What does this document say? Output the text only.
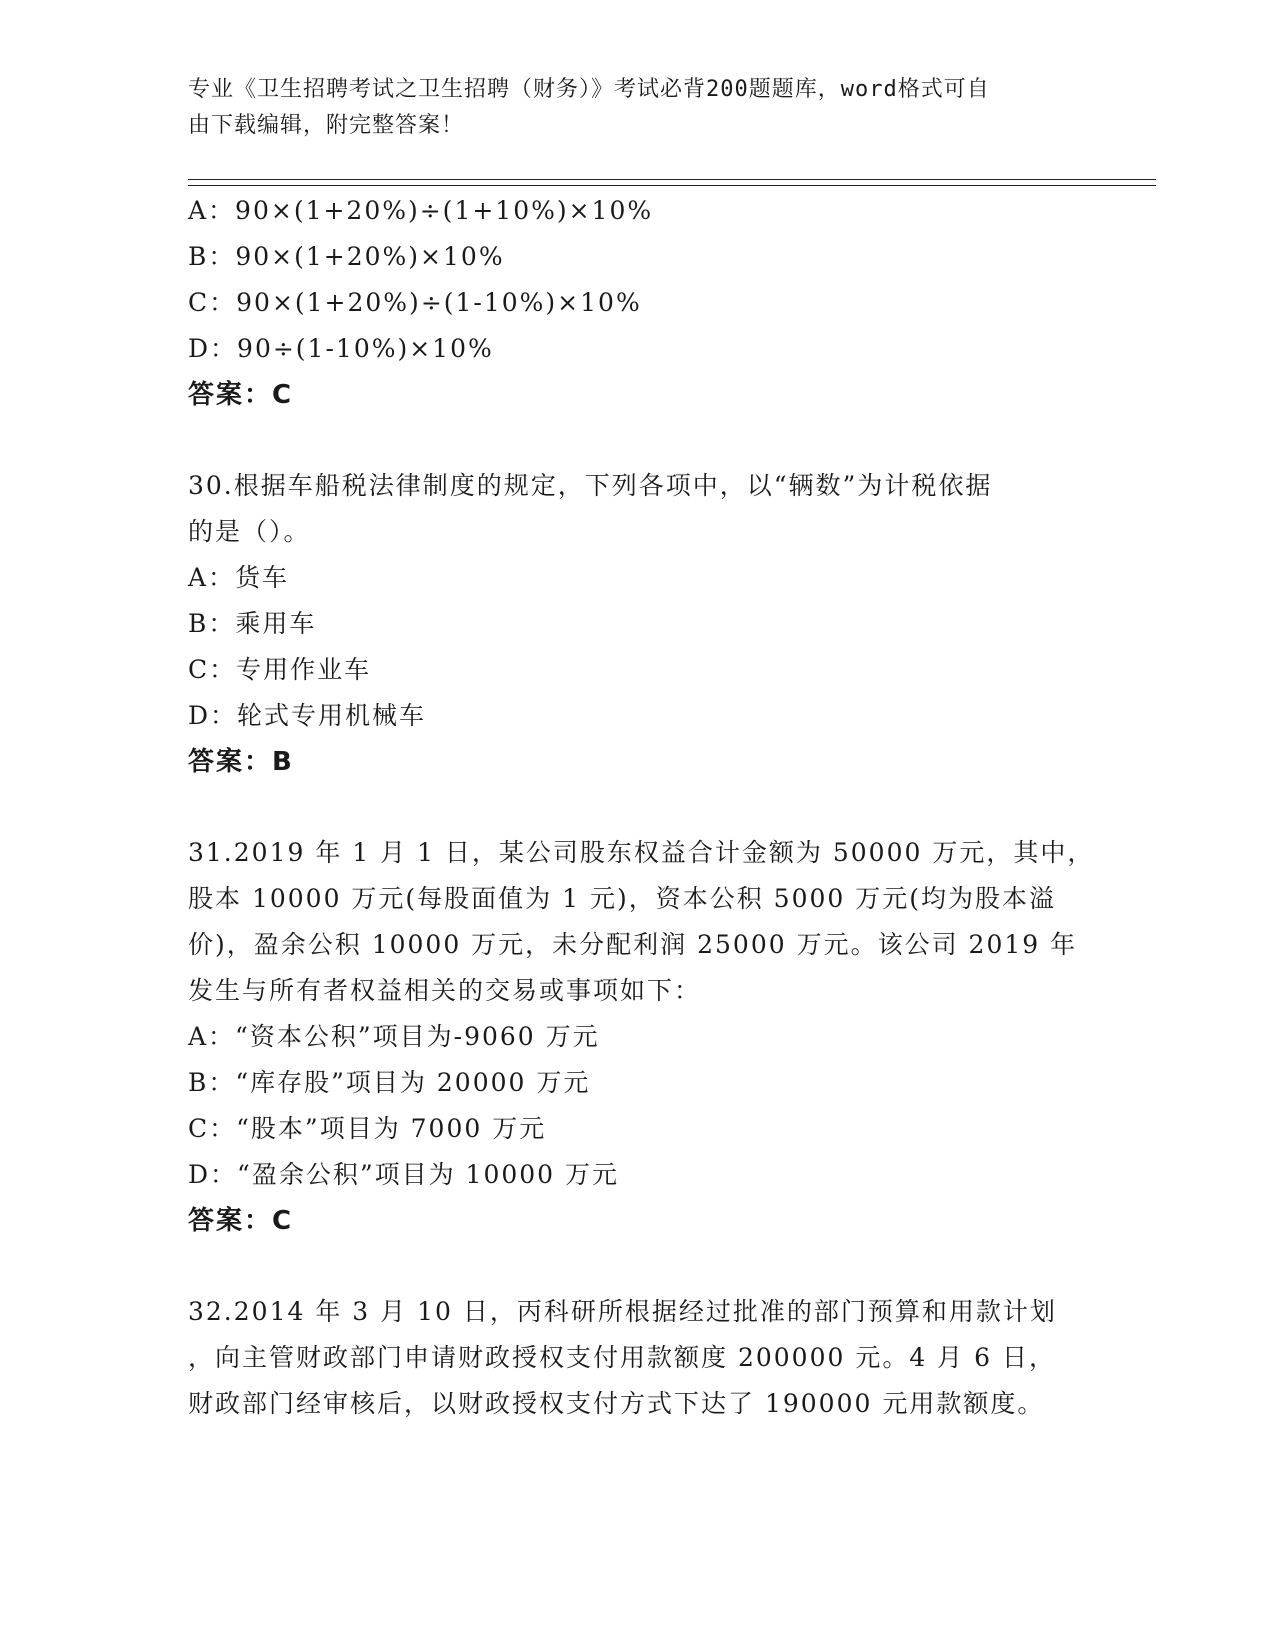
专业《卫生招聘考试之卫生招聘（财务）》考试必背200题题库，word格式可自
由下载编辑，附完整答案！
A：90×(1+20%)÷(1+10%)×10%
B：90×(1+20%)×10%
C：90×(1+20%)÷(1-10%)×10%
D：90÷(1-10%)×10%
答案：C
30.根据车船税法律制度的规定，下列各项中，以“辆数”为计税依据
的是（）。
A：货车
B：乘用车
C：专用作业车
D：轮式专用机械车
答案：B
31.2019 年 1 月 1 日，某公司股东权益合计金额为 50000 万元，其中，
股本 10000 万元(每股面值为 1 元)，资本公积 5000 万元(均为股本溢
价)，盈余公积 10000 万元，未分配利润 25000 万元。该公司 2019 年
发生与所有者权益相关的交易或事项如下：
A：“资本公积”项目为-9060 万元
B：“库存股”项目为 20000 万元
C：“股本”项目为 7000 万元
D：“盈余公积”项目为 10000 万元
答案：C
32.2014 年 3 月 10 日，丙科研所根据经过批准的部门预算和用款计划
，向主管财政部门申请财政授权支付用款额度 200000 元。4 月 6 日，
财政部门经审核后，以财政授权支付方式下达了 190000 元用款额度。
